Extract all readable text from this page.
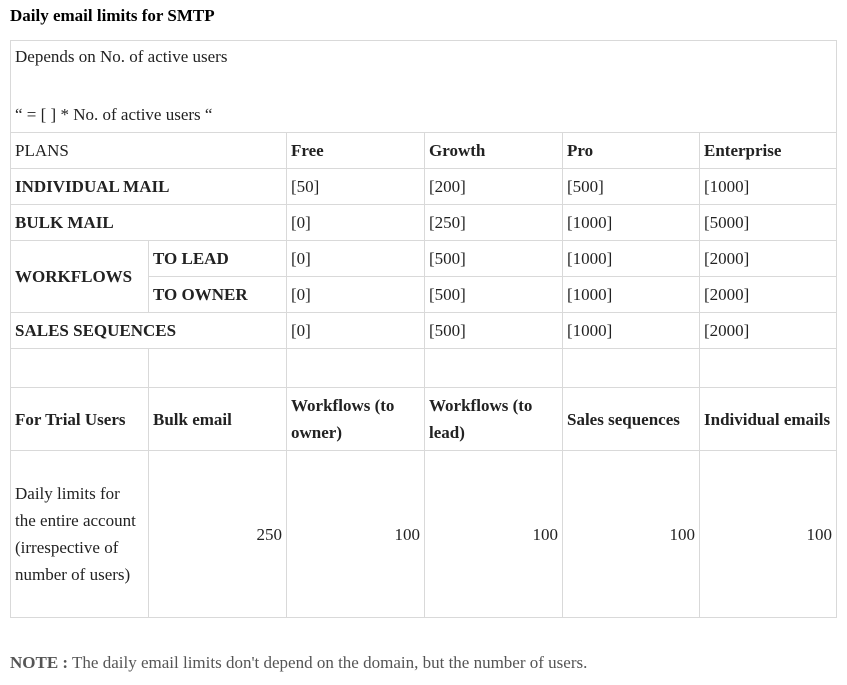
Daily email limits for SMTP
Depends on No. of active users
“ = [ ] * No. of active users “					

PLANS		Free	Growth	Pro	Enterprise
INDIVIDUAL MAIL		[50]	[200]	[500]	[1000]
BULK MAIL		[0]	[250]	[1000]	[5000]
WORKFLOWS	TO LEAD	[0]	[500]	[1000]	[2000]
	TO OWNER	[0]	[500]	[1000]	[2000]
SALES SEQUENCES		[0]	[500]	[1000]	[2000]

For Trial Users	Bulk email	Workflows (to owner)	Workflows (to lead)	Sales sequences	Individual emails
Daily limits for the entire account (irrespective of number of users)	250	100	100	100	100
NOTE : The daily email limits don't depend on the domain, but the number of users.
